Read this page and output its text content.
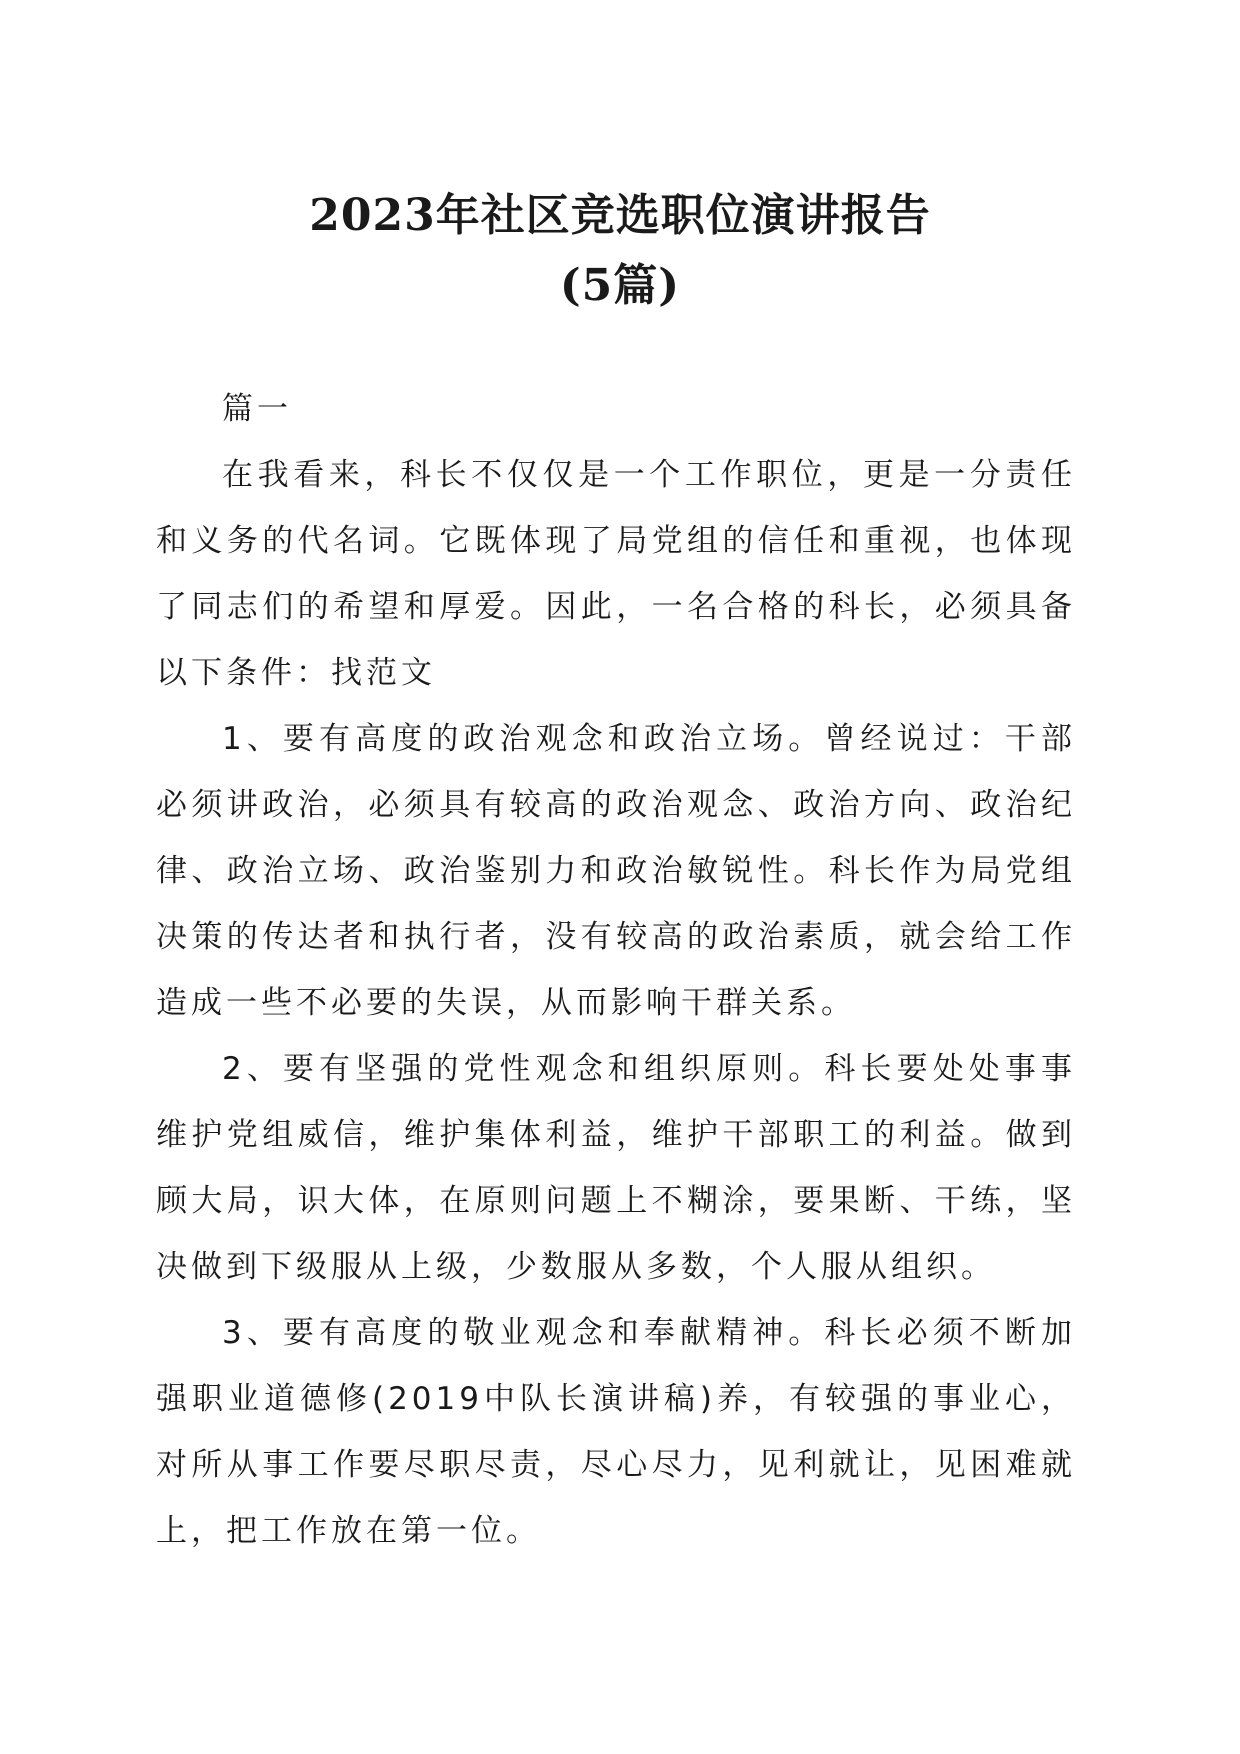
2023年社区竞选职位演讲报告
(5篇)

篇一

在我看来，科长不仅仅是一个工作职位，更是一分责任和义务的代名词。它既体现了局党组的信任和重视，也体现了同志们的希望和厚爱。因此，一名合格的科长，必须具备以下条件：找范文

1、要有高度的政治观念和政治立场。曾经说过：干部必须讲政治，必须具有较高的政治观念、政治方向、政治纪律、政治立场、政治鉴别力和政治敏锐性。科长作为局党组决策的传达者和执行者，没有较高的政治素质，就会给工作造成一些不必要的失误，从而影响干群关系。

2、要有坚强的党性观念和组织原则。科长要处处事事维护党组威信，维护集体利益，维护干部职工的利益。做到顾大局，识大体，在原则问题上不糊涂，要果断、干练，坚决做到下级服从上级，少数服从多数，个人服从组织。

3、要有高度的敬业观念和奉献精神。科长必须不断加强职业道德修(2019中队长演讲稿)养，有较强的事业心，对所从事工作要尽职尽责，尽心尽力，见利就让，见困难就上，把工作放在第一位。
